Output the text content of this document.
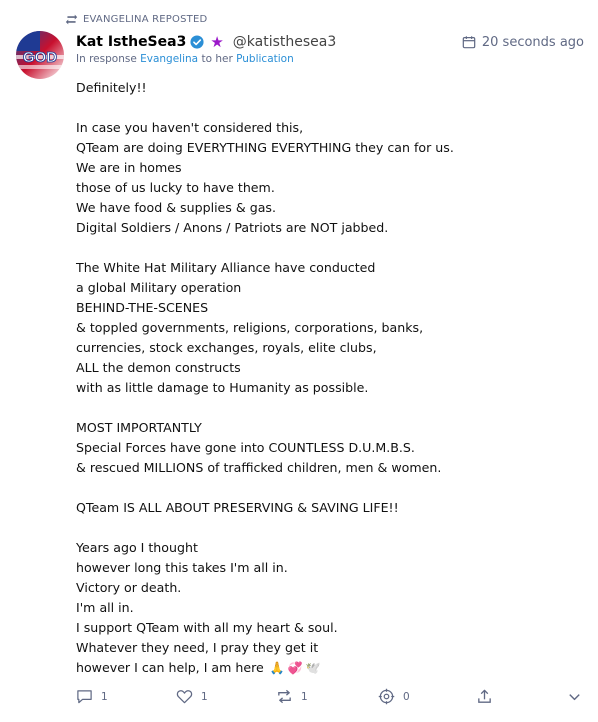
EVANGELINA REPOSTED
GOD
Kat IstheSea3 ★ @katisthesea3	20 seconds ago
In response Evangelina to her Publication

Definitely!!

In case you haven't considered this,

QTeam are doing EVERYTHING EVERYTHING they can for us.

We are in homes

those of us lucky to have them.

We have food & supplies & gas.

Digital Soldiers / Anons / Patriots are NOT jabbed.

The White Hat Military Alliance have conducted

a global Military operation

BEHIND-THE-SCENES

& toppled governments, religions, corporations, banks,

currencies, stock exchanges, royals, elite clubs,

ALL the demon constructs

with as little damage to Humanity as possible.

MOST IMPORTANTLY

Special Forces have gone into COUNTLESS D.U.M.B.S.

& rescued MILLIONS of trafficked children, men & women.

QTeam IS ALL ABOUT PRESERVING & SAVING LIFE!!

Years ago I thought

however long this takes I'm all in.

Victory or death.

I'm all in.

I support QTeam with all my heart & soul.

Whatever they need, I pray they get it

however I can help, I am here 🙏 💞 🕊️

1	1	1	0
